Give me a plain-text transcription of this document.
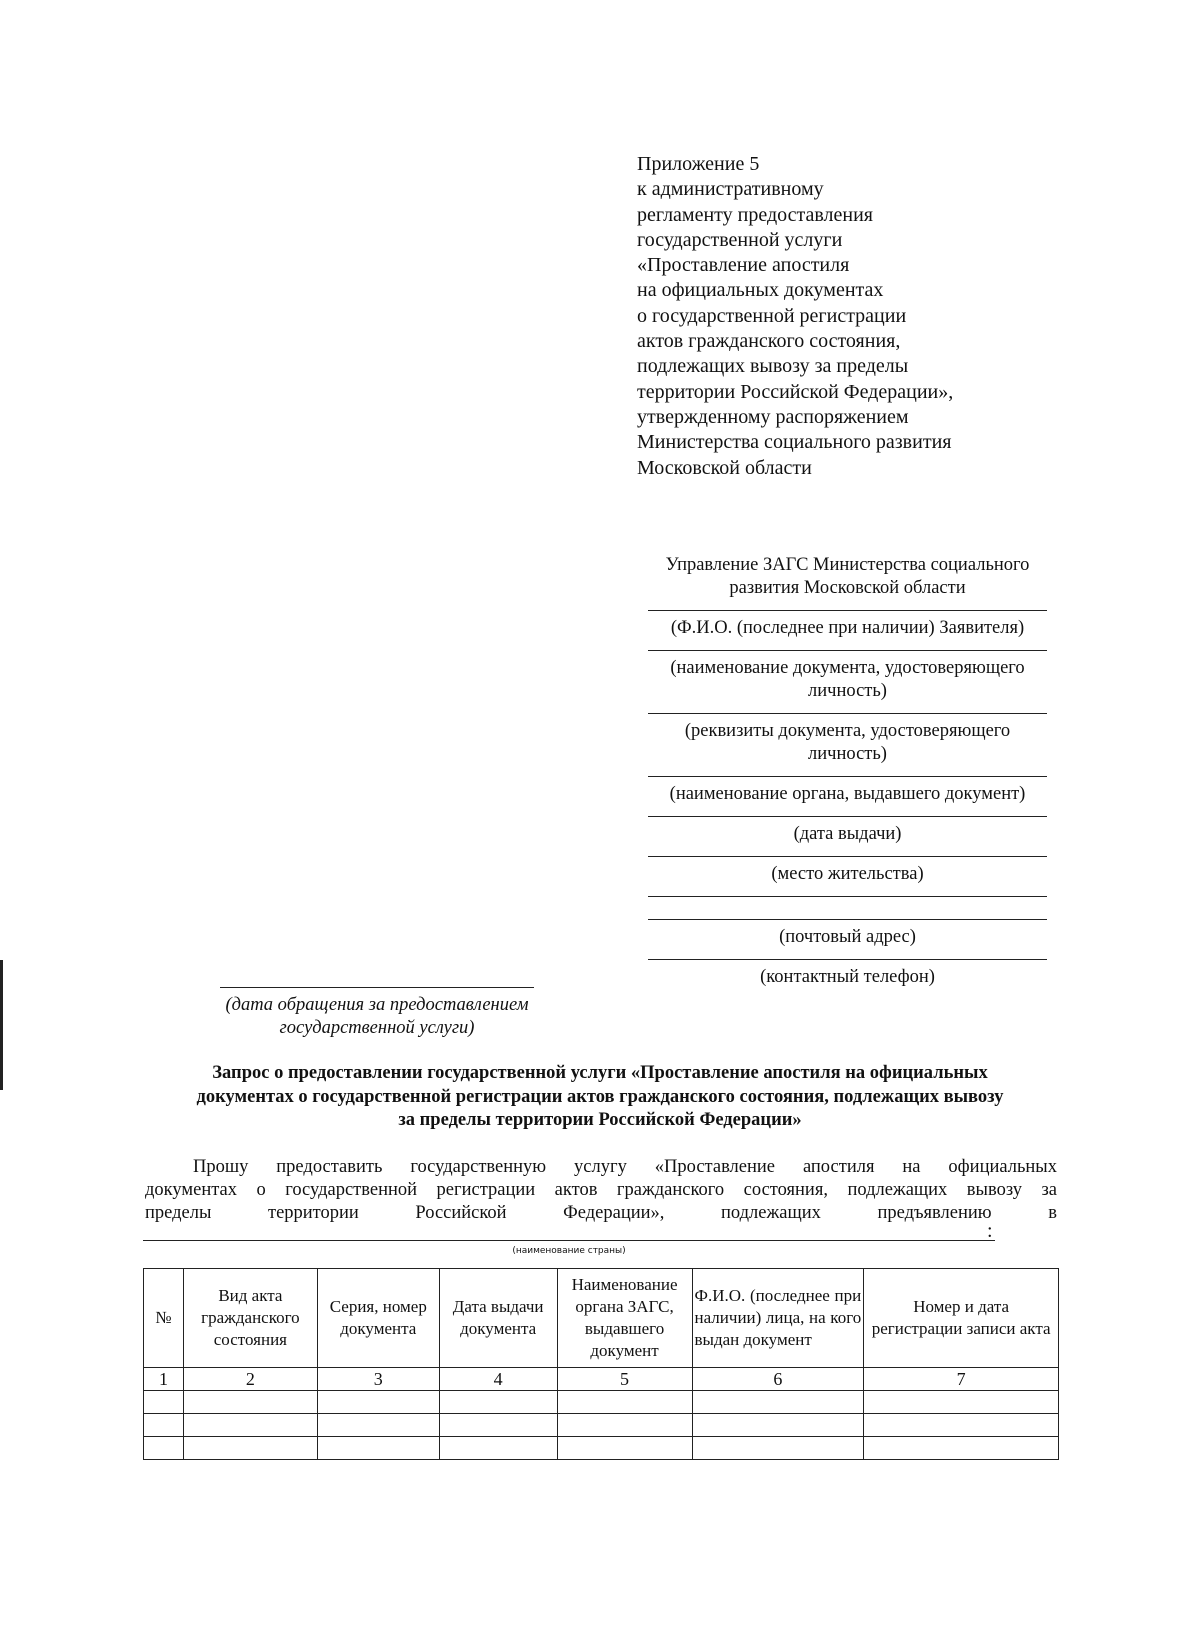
Приложение 5
к административному
регламенту предоставления
государственной услуги
«Проставление апостиля
на официальных документах
о государственной регистрации
актов гражданского состояния,
подлежащих вывозу за пределы
территории Российской Федерации»,
утвержденному распоряжением
Министерства социального развития
Московской области
Управление ЗАГС Министерства социального
развития Московской области
(Ф.И.О. (последнее при наличии) Заявителя)
(наименование документа, удостоверяющего
личность)
(реквизиты документа, удостоверяющего
личность)
(наименование органа, выдавшего документ)
(дата выдачи)
(место жительства)
(почтовый адрес)
(контактный телефон)
(дата обращения за предоставлением
государственной услуги)
Запрос о предоставлении государственной услуги «Проставление апостиля на официальных
документах о государственной регистрации актов гражданского состояния, подлежащих вывозу
за пределы территории Российской Федерации»
Прошу предоставить государственную услугу «Проставление апостиля на официальных
документах о государственной регистрации актов гражданского состояния, подлежащих вывозу за
пределы	территории	Российской	Федерации»,	подлежащих	предъявлению	в
:
(наименование страны)
№	Вид акта гражданского состояния	Серия, номер документа	Дата выдачи документа	Наименование органа ЗАГС, выдавшего документ	Ф.И.О. (последнее при наличии) лица, на кого выдан документ	Номер и дата регистрации записи акта
1	2	3	4	5	6	7
